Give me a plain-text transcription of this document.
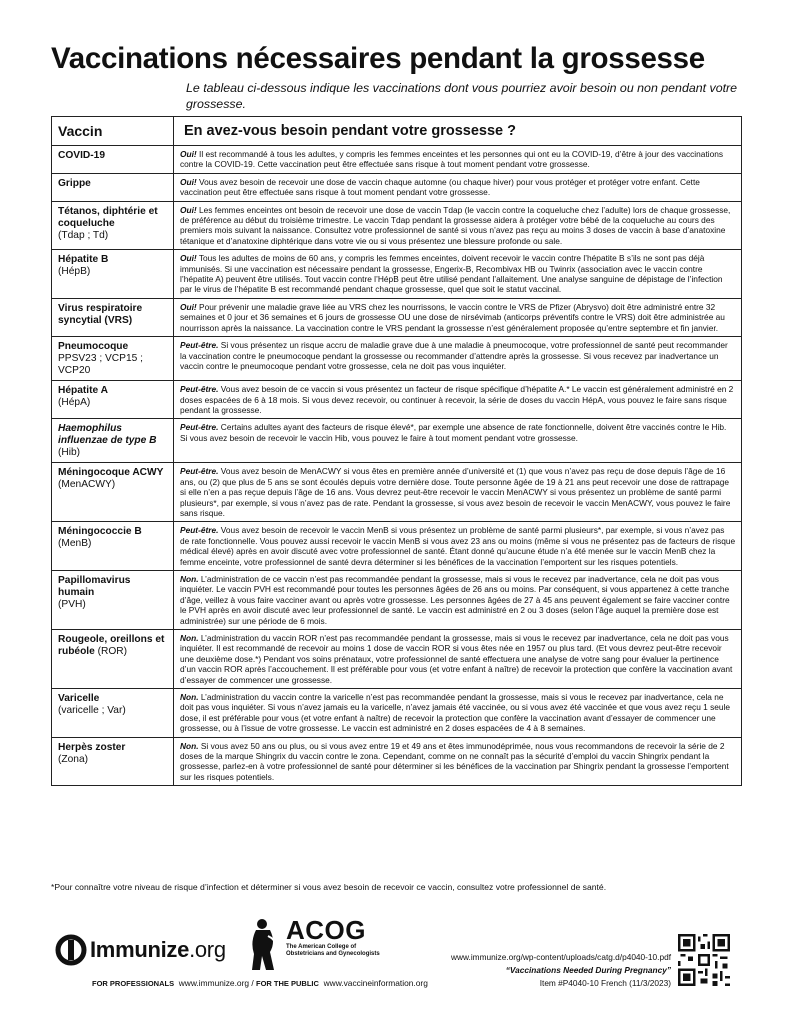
Vaccinations nécessaires pendant la grossesse
Le tableau ci-dessous indique les vaccinations dont vous pourriez avoir besoin ou non pendant votre grossesse.
Vaccin	En avez-vous besoin pendant votre grossesse ?

COVID-19	Oui! Il est recommandé à tous les adultes, y compris les femmes enceintes et les personnes qui ont eu la COVID-19, d’être à jour des vaccinations contre la COVID-19. Cette vaccination peut être effectuée sans risque à tout moment pendant votre grossesse.

Grippe	Oui! Vous avez besoin de recevoir une dose de vaccin chaque automne (ou chaque hiver) pour vous protéger et protéger votre enfant. Cette vaccination peut être effectuée sans risque à tout moment pendant votre grossesse.

Tétanos, diphtérie et coqueluche
(Tdap ; Td)	Oui! Les femmes enceintes ont besoin de recevoir une dose de vaccin Tdap (le vaccin contre la coqueluche chez l’adulte) lors de chaque grossesse, de préférence au début du troisième trimestre. Le vaccin Tdap pendant la grossesse aidera à protéger votre bébé de la coqueluche au cours des premiers mois suivant la naissance. Consultez votre professionnel de santé si vous n’avez pas reçu au moins 3 doses de vaccin à base d’anatoxine tétanique et d’anatoxine diphtérique dans votre vie ou si vous présentez une blessure profonde ou sale.

Hépatite B
(HépB)	Oui! Tous les adultes de moins de 60 ans, y compris les femmes enceintes, doivent recevoir le vaccin contre l’hépatite B s’ils ne sont pas déjà immunisés. Si une vaccination est nécessaire pendant la grossesse, Engerix-B, Recombivax HB ou Twinrix (association avec le vaccin contre l’hépatite A) peuvent être utilisés. Tout vaccin contre l’HépB peut être utilisé pendant l’allaitement. Une analyse sanguine de dépistage de l’infection par le virus de l’hépatite B est recommandé pendant chaque grossesse, quel que soit le statut vaccinal.

Virus respiratoire syncytial (VRS)	Oui! Pour prévenir une maladie grave liée au VRS chez les nourrissons, le vaccin contre le VRS de Pfizer (Abrysvo) doit être administré entre 32 semaines et 0 jour et 36 semaines et 6 jours de grossesse OU une dose de nirsévimab (anticorps préventifs contre le VRS) doit être administrée au nourrisson après la naissance. La vaccination contre le VRS pendant la grossesse n’est généralement proposée qu’entre septembre et fin janvier.

Pneumocoque
PPSV23 ; VCP15 ; VCP20	Peut-être. Si vous présentez un risque accru de maladie grave due à une maladie à pneumocoque, votre professionnel de santé peut recommander la vaccination contre le pneumocoque pendant la grossesse ou recommander d’attendre après la grossesse. Si vous recevez par inadvertance un vaccin contre le pneumocoque pendant votre grossesse, cela ne doit pas vous inquiéter.

Hépatite A
(HépA)	Peut-être. Vous avez besoin de ce vaccin si vous présentez un facteur de risque spécifique d’hépatite A.* Le vaccin est généralement administré en 2 doses espacées de 6 à 18 mois. Si vous devez recevoir, ou continuer à recevoir, la série de doses du vaccin HépA, vous pouvez le faire sans risque pendant la grossesse.

Haemophilus influenzae de type B (Hib)	Peut-être. Certains adultes ayant des facteurs de risque élevé*, par exemple une absence de rate fonctionnelle, doivent être vaccinés contre le Hib. Si vous avez besoin de recevoir le vaccin Hib, vous pouvez le faire à tout moment pendant votre grossesse.

Méningocoque ACWY
(MenACWY)	Peut-être. Vous avez besoin de MenACWY si vous êtes en première année d’université et (1) que vous n’avez pas reçu de dose depuis l’âge de 16 ans, ou (2) que plus de 5 ans se sont écoulés depuis votre dernière dose. Toute personne âgée de 19 à 21 ans peut recevoir une dose de rattrapage si elle n’en a pas reçue depuis l’âge de 16 ans. Vous devrez peut-être recevoir le vaccin MenACWY si vous présentez un problème de santé parmi plusieurs*, par exemple, si vous n’avez pas de rate. Pendant la grossesse, si vous avez besoin de recevoir le vaccin MenACWY, vous pouvez le faire sans risque.

Méningococcie B
(MenB)	Peut-être. Vous avez besoin de recevoir le vaccin MenB si vous présentez un problème de santé parmi plusieurs*, par exemple, si vous n’avez pas de rate fonctionnelle. Vous pouvez aussi recevoir le vaccin MenB si vous avez 23 ans ou moins (même si vous ne présentez pas de facteurs de risque médical élevé) après en avoir discuté avec votre professionnel de santé. Étant donné qu’aucune étude n’a été menée sur le vaccin MenB chez la femme enceinte, votre professionnel de santé devra déterminer si les bénéfices de la vaccination l’emportent sur les risques potentiels.

Papillomavirus humain
(PVH)	Non. L’administration de ce vaccin n’est pas recommandée pendant la grossesse, mais si vous le recevez par inadvertance, cela ne doit pas vous inquiéter. Le vaccin PVH est recommandé pour toutes les personnes âgées de 26 ans ou moins. Par conséquent, si vous appartenez à cette tranche d’âge, veillez à vous faire vacciner avant ou après votre grossesse. Les personnes âgées de 27 à 45 ans peuvent également se faire vacciner contre le PVH après en avoir discuté avec leur professionnel de santé. Le vaccin est administré en 2 ou 3 doses (selon l’âge auquel la première dose est administrée) sur une période de 6 mois.

Rougeole, oreillons et rubéole (ROR)	Non. L’administration du vaccin ROR n’est pas recommandée pendant la grossesse, mais si vous le recevez par inadvertance, cela ne doit pas vous inquiéter. Il est recommandé de recevoir au moins 1 dose de vaccin ROR si vous êtes née en 1957 ou plus tard. (Et vous devrez peut-être recevoir une deuxième dose.*) Pendant vos soins prénataux, votre professionnel de santé effectuera une analyse de votre sang pour évaluer la pertinence d’un vaccin ROR après l’accouchement. Il est préférable pour vous (et votre enfant à naître) de recevoir la protection que confère la vaccination avant d’essayer de commencer une grossesse.

Varicelle
(varicelle ; Var)	Non. L’administration du vaccin contre la varicelle n’est pas recommandée pendant la grossesse, mais si vous le recevez par inadvertance, cela ne doit pas vous inquiéter. Si vous n’avez jamais eu la varicelle, n’avez jamais été vaccinée, ou si vous avez été vaccinée et que vous avez reçu 1 seule dose, il est préférable pour vous (et votre enfant à naître) de recevoir la protection que confère la vaccination avant d’essayer de commencer une grossesse, ou à l’issue de votre grossesse. Le vaccin est administré en 2 doses espacées de 4 à 8 semaines.

Herpès zoster
(Zona)	Non. Si vous avez 50 ans ou plus, ou si vous avez entre 19 et 49 ans et êtes immunodéprimée, nous vous recommandons de recevoir la série de 2 doses de la marque Shingrix du vaccin contre le zona. Cependant, comme on ne connaît pas la sécurité d’emploi du vaccin Shingrix pendant la grossesse, parlez-en à votre professionnel de santé pour déterminer si les bénéfices de la vaccination par Shingrix pendant la grossesse l’emportent sur les risques potentiels.
*Pour connaître votre niveau de risque d’infection et déterminer si vous avez besoin de recevoir ce vaccin, consultez votre professionnel de santé.
Immunize.org
ACOG
The American College of
Obstetricians and Gynecologists	www.immunize.org/wp-content/uploads/catg.d/p4040-10.pdf
“Vaccinations Needed During Pregnancy”
Item #P4040-10 French (11/3/2023)
FOR PROFESSIONALS www.immunize.org / FOR THE PUBLIC www.vaccineinformation.org
